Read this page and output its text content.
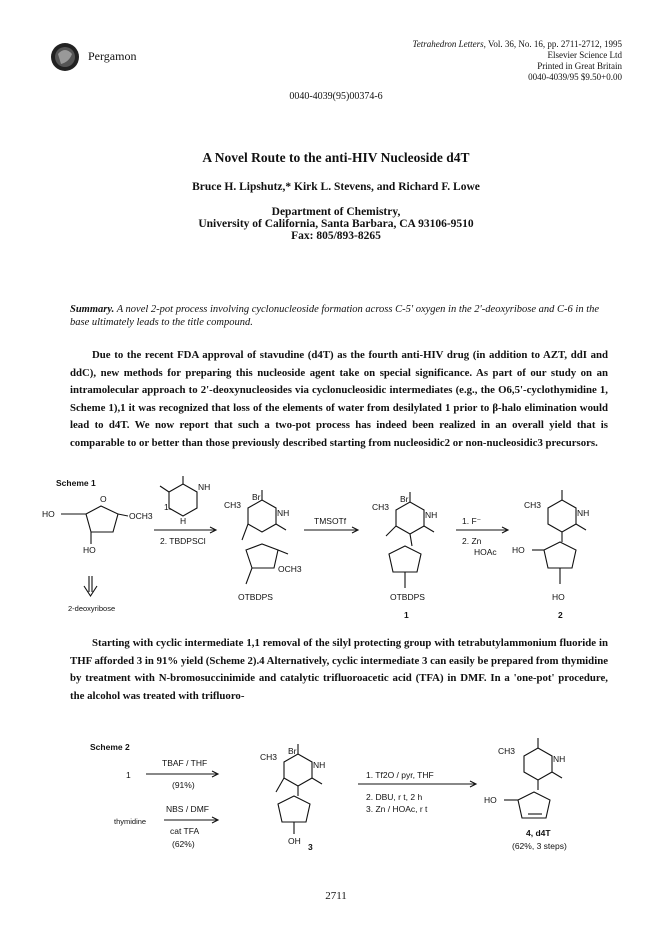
Pergamon
Tetrahedron Letters, Vol. 36, No. 16, pp. 2711-2712, 1995
Elsevier Science Ltd
Printed in Great Britain
0040-4039/95 $9.50+0.00
0040-4039(95)00374-6
A Novel Route to the anti-HIV Nucleoside d4T
Bruce H. Lipshutz,* Kirk L. Stevens, and Richard F. Lowe
Department of Chemistry,
University of California, Santa Barbara, CA 93106-9510
Fax: 805/893-8265
Summary. A novel 2-pot process involving cyclonucleoside formation across C-5' oxygen in the 2'-deoxyribose and C-6 in the base ultimately leads to the title compound.
Due to the recent FDA approval of stavudine (d4T) as the fourth anti-HIV drug (in addition to AZT, ddI and ddC), new methods for preparing this nucleoside agent take on special significance. As part of our study on an intramolecular approach to 2'-deoxynucleosides via cyclonucleosidic intermediates (e.g., the O6,5'-cyclothymidine 1, Scheme 1),1 it was recognized that loss of the elements of water from desilylated 1 prior to β-halo elimination would lead to d4T. We now report that such a two-pot process has indeed been realized in an overall yield that is comparable to or better than those previously described starting from nucleosidic2 or non-nucleosidic3 precursors.
Scheme 1
HO
O
OCH3
HO
2-deoxyribose
1.
NH
H
2. TBDPSCl
CH3
Br
NH
OCH3
OTBDPS
TMSOTf
CH3
Br
NH
OTBDPS
1
1. F⁻
2. Zn
HOAc
CH3
NH
HO
HO
2
Starting with cyclic intermediate 1,1 removal of the silyl protecting group with tetrabutylammonium fluoride in THF afforded 3 in 91% yield (Scheme 2).4 Alternatively, cyclic intermediate 3 can easily be prepared from thymidine by treatment with N-bromosuccinimide and catalytic trifluoroacetic acid (TFA) in DMF. In a 'one-pot' procedure, the alcohol was treated with trifluoro-
Scheme 2
1
thymidine
TBAF / THF
(91%)
NBS / DMF
cat TFA
(62%)
CH3
Br
NH
OH
3
1. Tf2O / pyr, THF
2. DBU, r t, 2 h
3. Zn / HOAc, r t
CH3
NH
HO
4, d4T
(62%, 3 steps)
2711
